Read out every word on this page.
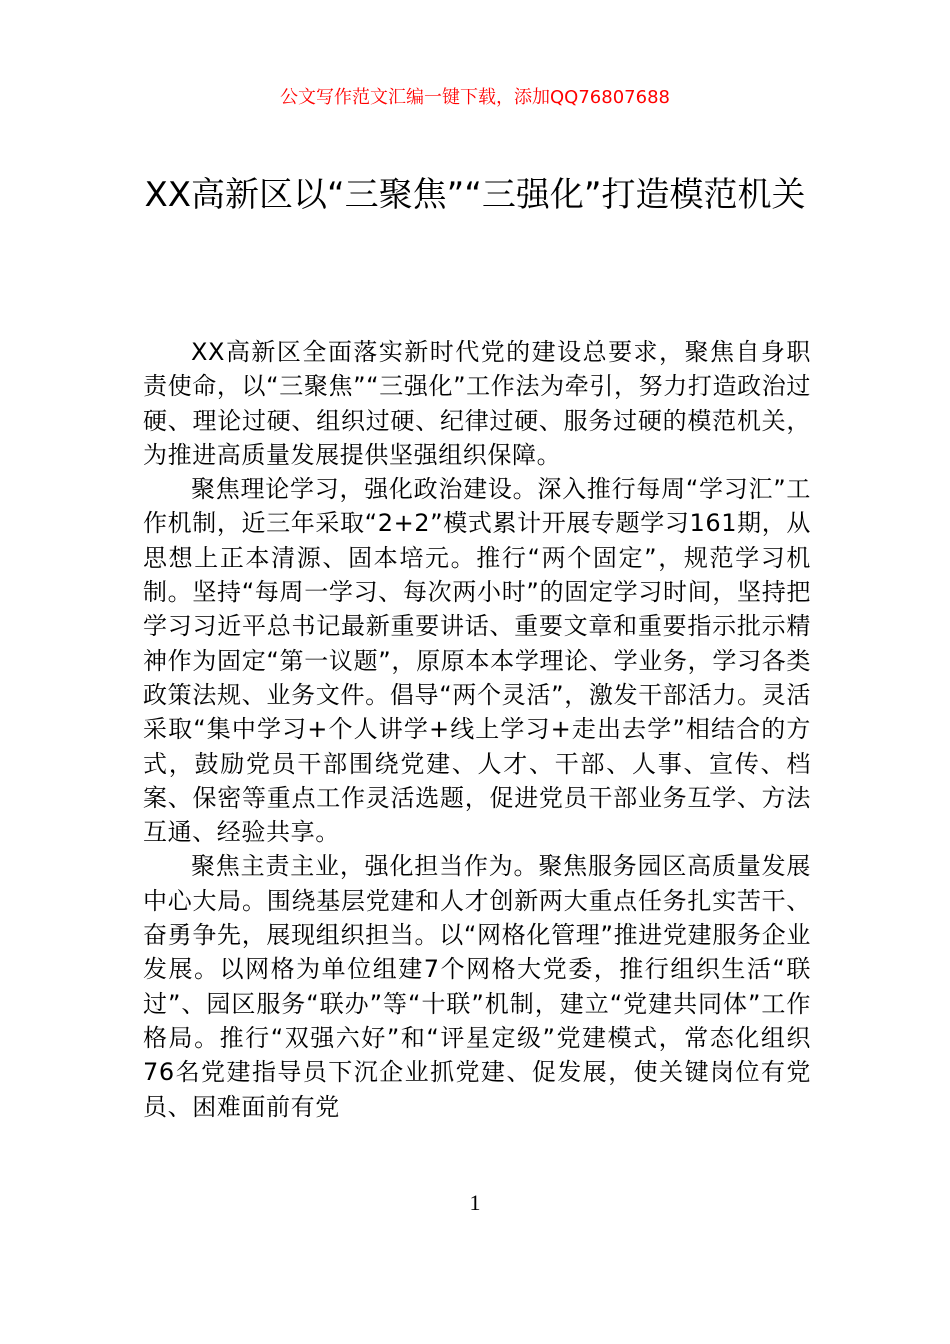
公文写作范文汇编一键下载，添加QQ76807688
XX高新区以“三聚焦”“三强化”打造模范机关

XX高新区全面落实新时代党的建设总要求，聚焦自身职责使命，以“三聚焦”“三强化”工作法为牵引，努力打造政治过硬、理论过硬、组织过硬、纪律过硬、服务过硬的模范机关，为推进高质量发展提供坚强组织保障。

聚焦理论学习，强化政治建设。深入推行每周“学习汇”工作机制，近三年采取“2+2”模式累计开展专题学习161期，从思想上正本清源、固本培元。推行“两个固定”，规范学习机制。坚持“每周一学习、每次两小时”的固定学习时间，坚持把学习习近平总书记最新重要讲话、重要文章和重要指示批示精神作为固定“第一议题”，原原本本学理论、学业务，学习各类政策法规、业务文件。倡导“两个灵活”，激发干部活力。灵活采取“集中学习+个人讲学+线上学习+走出去学”相结合的方式，鼓励党员干部围绕党建、人才、干部、人事、宣传、档案、保密等重点工作灵活选题，促进党员干部业务互学、方法互通、经验共享。

聚焦主责主业，强化担当作为。聚焦服务园区高质量发展中心大局。围绕基层党建和人才创新两大重点任务扎实苦干、奋勇争先，展现组织担当。以“网格化管理”推进党建服务企业发展。以网格为单位组建7个网格大党委，推行组织生活“联过”、园区服务“联办”等“十联”机制，建立“党建共同体”工作格局。推行“双强六好”和“评星定级”党建模式，常态化组织76名党建指导员下沉企业抓党建、促发展，使关键岗位有党员、困难面前有党

1
